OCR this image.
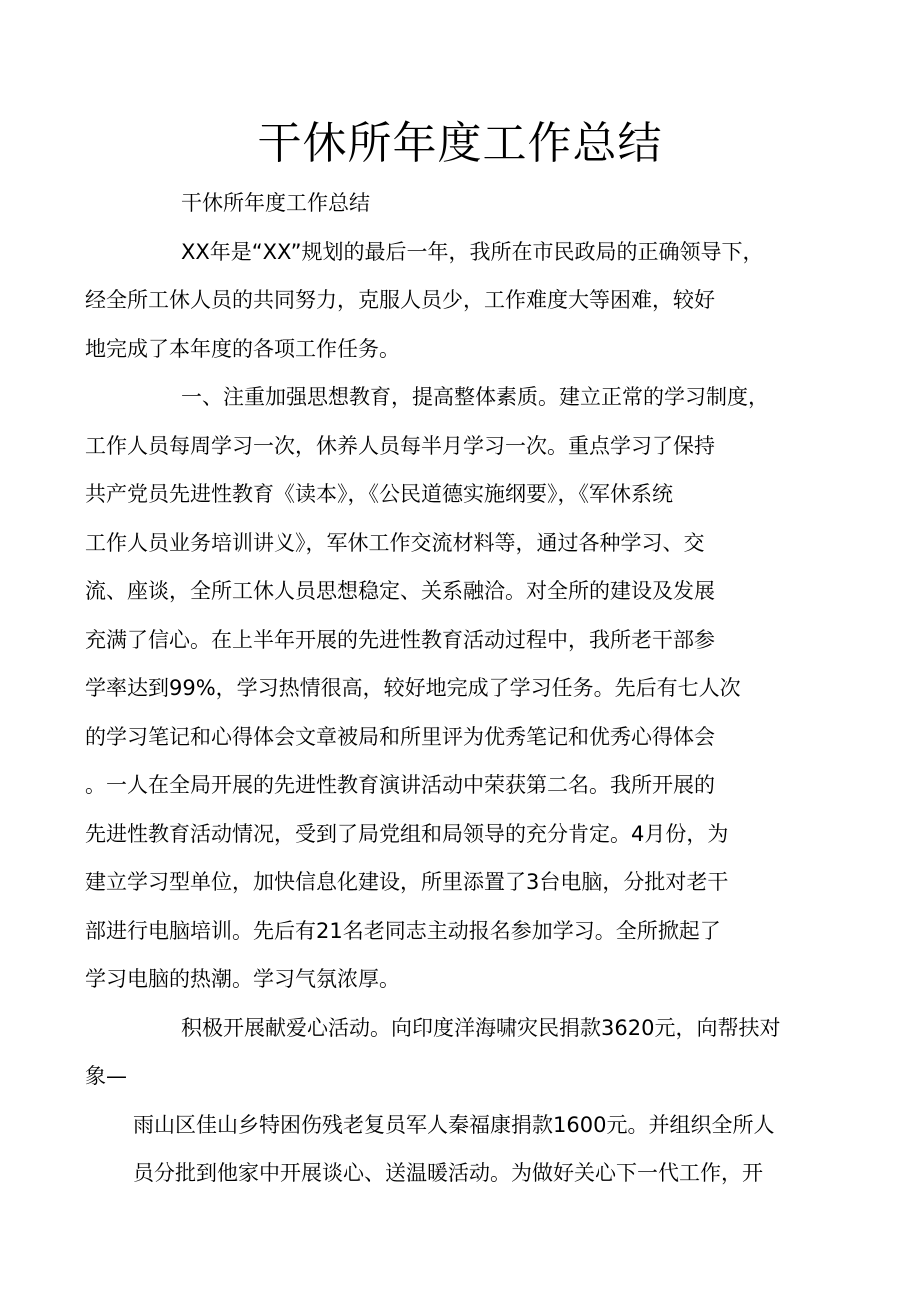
干休所年度工作总结

干休所年度工作总结

XX年是“XX”规划的最后一年，我所在市民政局的正确领导下，
经全所工休人员的共同努力，克服人员少，工作难度大等困难，较好
地完成了本年度的各项工作任务。

一、注重加强思想教育，提高整体素质。建立正常的学习制度，
工作人员每周学习一次，休养人员每半月学习一次。重点学习了保持
共产党员先进性教育《读本》，《公民道德实施纲要》，《军休系统
工作人员业务培训讲义》，军休工作交流材料等，通过各种学习、交
流、座谈，全所工休人员思想稳定、关系融洽。对全所的建设及发展
充满了信心。在上半年开展的先进性教育活动过程中，我所老干部参
学率达到99%，学习热情很高，较好地完成了学习任务。先后有七人次
的学习笔记和心得体会文章被局和所里评为优秀笔记和优秀心得体会
。一人在全局开展的先进性教育演讲活动中荣获第二名。我所开展的
先进性教育活动情况，受到了局党组和局领导的充分肯定。4月份，为
建立学习型单位，加快信息化建设，所里添置了3台电脑，分批对老干
部进行电脑培训。先后有21名老同志主动报名参加学习。全所掀起了
学习电脑的热潮。学习气氛浓厚。

积极开展献爱心活动。向印度洋海啸灾民捐款3620元，向帮扶对
象—

雨山区佳山乡特困伤残老复员军人秦福康捐款1600元。并组织全所人
员分批到他家中开展谈心、送温暖活动。为做好关心下一代工作，开
